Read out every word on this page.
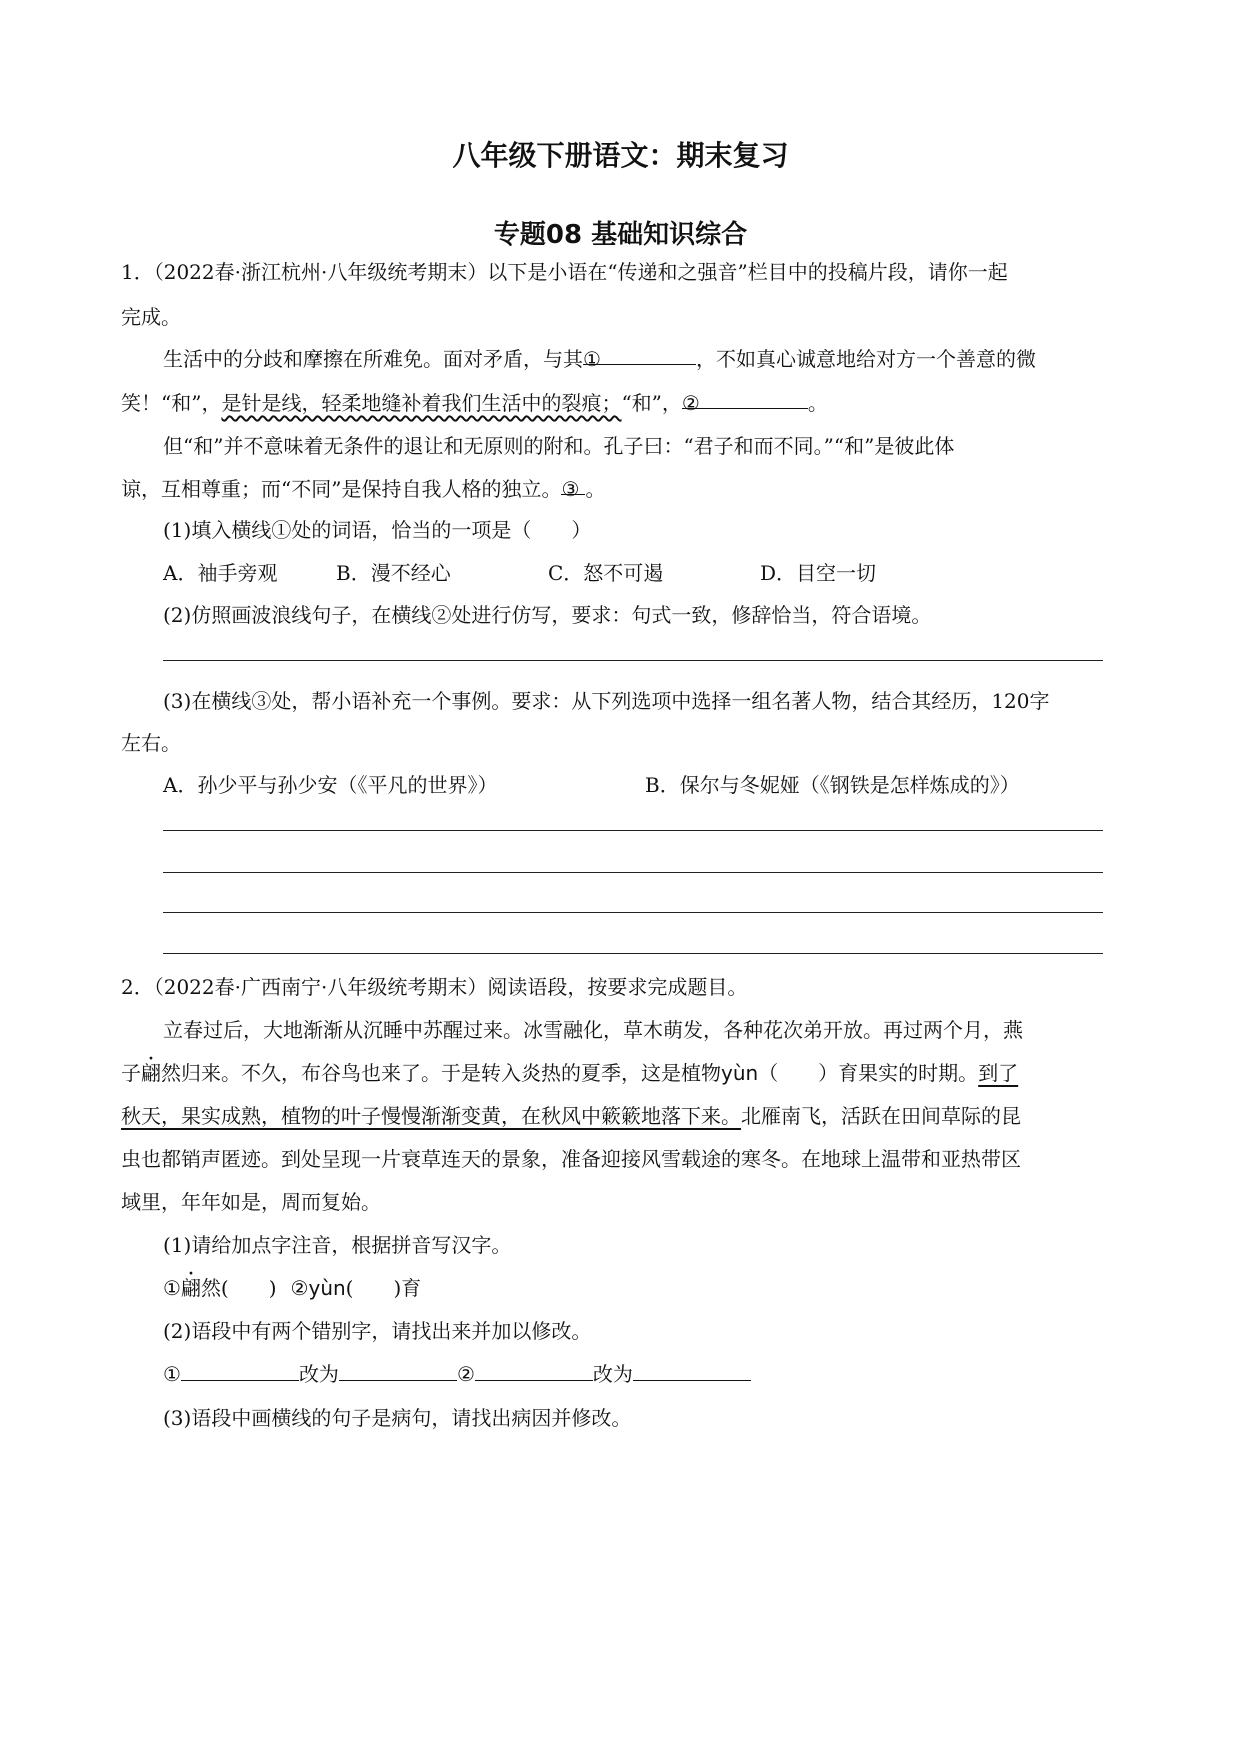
八年级下册语文：期末复习
专题08 基础知识综合
1．（2022春·浙江杭州·八年级统考期末）以下是小语在“传递和之强音”栏目中的投稿片段，请你一起
完成。
生活中的分歧和摩擦在所难免。面对矛盾，与其①	，不如真心诚意地给对方一个善意的微
笑！“和”，是针是线，轻柔地缝补着我们生活中的裂痕；“和”，②	。
但“和”并不意味着无条件的退让和无原则的附和。孔子曰：“君子和而不同。”“和”是彼此体
谅，互相尊重；而“不同”是保持自我人格的独立。③ 。
(1)填入横线①处的词语，恰当的一项是（　　）
A．袖手旁观	B．漫不经心	C．怒不可遏	D．目空一切
(2)仿照画波浪线句子，在横线②处进行仿写，要求：句式一致，修辞恰当，符合语境。
(3)在横线③处，帮小语补充一个事例。要求：从下列选项中选择一组名著人物，结合其经历，120字
左右。
A．孙少平与孙少安（《平凡的世界》）	B．保尔与冬妮娅（《钢铁是怎样炼成的》）
2．（2022春·广西南宁·八年级统考期末）阅读语段，按要求完成题目。
立春过后，大地渐渐从沉睡中苏醒过来。冰雪融化，草木萌发，各种花次弟开放。再过两个月，燕
子翩然归来。不久，布谷鸟也来了。于是转入炎热的夏季，这是植物yùn（　　）育果实的时期。到了
秋天，果实成熟，植物的叶子慢慢渐渐变黄，在秋风中簌簌地落下来。北雁南飞，活跃在田间草际的昆
虫也都销声匿迹。到处呈现一片衰草连天的景象，准备迎接风雪载途的寒冬。在地球上温带和亚热带区
域里，年年如是，周而复始。
(1)请给加点字注音，根据拼音写汉字。
①翩然(　　) ②yùn(　　)育
(2)语段中有两个错别字，请找出来并加以修改。
①	改为	②	改为
(3)语段中画横线的句子是病句，请找出病因并修改。
